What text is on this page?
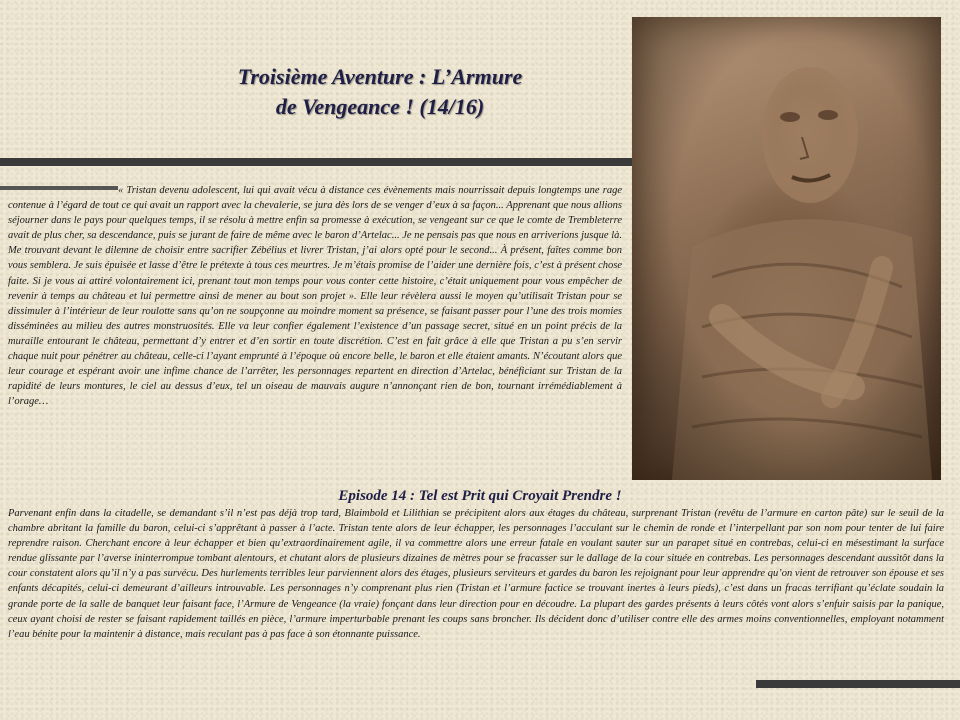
Troisième Aventure : L’Armure
de Vengeance ! (14/16)

« Tristan devenu adolescent, lui qui avait vécu à distance ces évènements mais nourrissait depuis longtemps une rage contenue à l’égard de tout ce qui avait un rapport avec la chevalerie, se jura dès lors de se venger d’eux à sa façon... Apprenant que nous allions séjourner dans le pays pour quelques temps, il se résolu à mettre enfin sa promesse à exécution, se vengeant sur ce que le comte de Trembleterre avait de plus cher, sa descendance, puis se jurant de faire de même avec le baron d’Artelac... Je ne pensais pas que nous en arriverions jusque là. Me trouvant devant le dilemne de choisir entre sacrifier Zébélius et livrer Tristan, j’ai alors opté pour le second... À présent, faîtes comme bon vous semblera. Je suis épuisée et lasse d’être le prétexte à tous ces meurtres. Je m’étais promise de l’aider une dernière fois, c’est à présent chose faite. Si je vous ai attiré volontairement ici, prenant tout mon temps pour vous conter cette histoire, c’était uniquement pour vous empêcher de revenir à temps au château et lui permettre ainsi de mener au bout son projet ». Elle leur révèlera aussi le moyen qu’utilisait Tristan pour se dissimuler à l’intérieur de leur roulotte sans qu’on ne soupçonne au moindre moment sa présence, se faisant passer pour l’une des trois momies disséminées au milieu des autres monstruosités. Elle va leur confier également l’existence d’un passage secret, situé en un point précis de la muraille entourant le château, permettant d’y entrer et d’en sortir en toute discrétion. C’est en fait grâce à elle que Tristan a pu s’en servir chaque nuit pour pénétrer au château, celle-ci l’ayant emprunté à l’époque où encore belle, le baron et elle étaient amants. N’écoutant alors que leur courage et espérant avoir une infime chance de l’arrêter, les personnages repartent en direction d’Artelac, bénéficiant sur Tristan de la rapidité de leurs montures, le ciel au dessus d’eux, tel un oiseau de mauvais augure n’annonçant rien de bon, tournant irrémédiablement à l’orage…

Episode 14 : Tel est Prit qui Croyait Prendre !

Parvenant enfin dans la citadelle, se demandant s’il n’est pas déjà trop tard, Blaimbold et Lilithian se précipitent alors aux étages du château, surprenant Tristan (revêtu de l’armure en carton pâte) sur le seuil de la chambre abritant la famille du baron, celui-ci s’apprêtant à passer à l’acte. Tristan tente alors de leur échapper, les personnages l’acculant sur le chemin de ronde et l’interpellant par son nom pour tenter de lui faire reprendre raison. Cherchant encore à leur échapper et bien qu’extraordinairement agile, il va commettre alors une erreur fatale en voulant sauter sur un parapet situé en contrebas, celui-ci en mésestimant la surface rendue glissante par l’averse ininterrompue tombant alentours, et chutant alors de plusieurs dizaines de mètres pour se fracasser sur le dallage de la cour située en contrebas. Les personnages descendant aussitôt dans la cour constatent alors qu’il n’y a pas survécu. Des hurlements terribles leur parviennent alors des étages, plusieurs serviteurs et gardes du baron les rejoignant pour leur apprendre qu’on vient de retrouver son épouse et ses enfants décapités, celui-ci demeurant d’ailleurs introuvable. Les personnages n’y comprenant plus rien (Tristan et l’armure factice se trouvant inertes à leurs pieds), c’est dans un fracas terrifiant qu’éclate soudain la grande porte de la salle de banquet leur faisant face, l’Armure de Vengeance (la vraie) fonçant dans leur direction pour en découdre. La plupart des gardes présents à leurs côtés vont alors s’enfuir saisis par la panique, ceux ayant choisi de rester se faisant rapidement taillés en pièce, l’armure imperturbable prenant les coups sans broncher. Ils décident donc d’utiliser contre elle des armes moins conventionnelles, employant notamment l’eau bénite pour la maintenir à distance, mais reculant pas à pas face à son étonnante puissance.
